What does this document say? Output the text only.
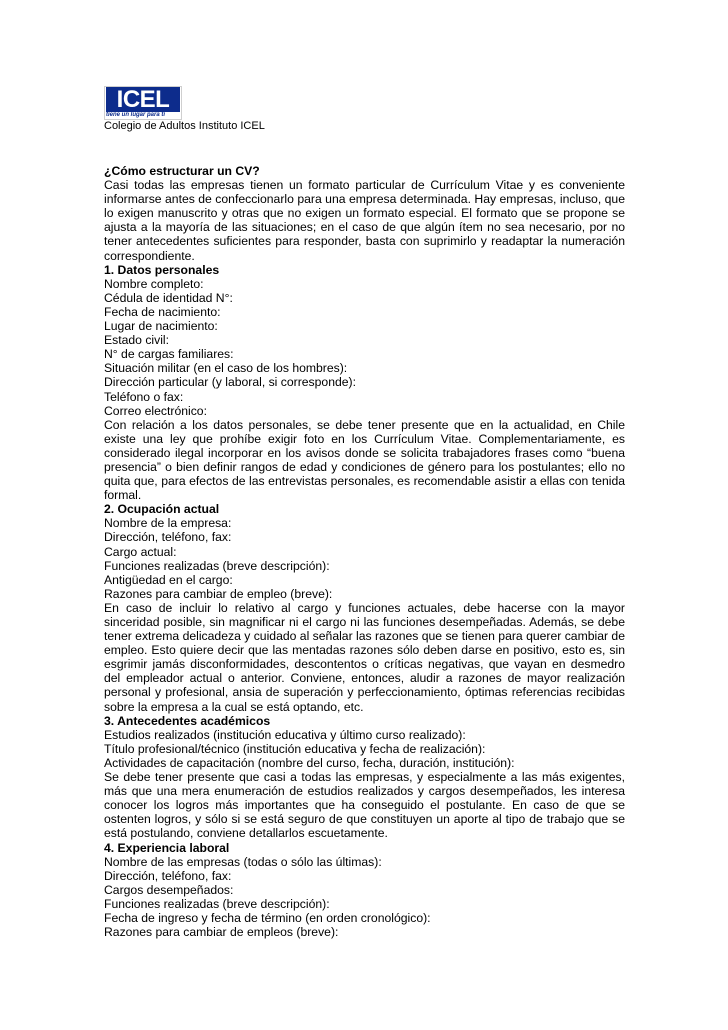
ICEL
tiene un lugar para ti
Colegio de Adultos Instituto ICEL

¿Cómo estructurar un CV?

Casi todas las empresas tienen un formato particular de Currículum Vitae y es conveniente informarse antes de confeccionarlo para una empresa determinada. Hay empresas, incluso, que lo exigen manuscrito y otras que no exigen un formato especial. El formato que se propone se ajusta a la mayoría de las situaciones; en el caso de que algún ítem no sea necesario, por no tener antecedentes suficientes para responder, basta con suprimirlo y readaptar la numeración correspondiente.

1. Datos personales

Nombre completo:

Cédula de identidad N°:

Fecha de nacimiento:

Lugar de nacimiento:

Estado civil:

N° de cargas familiares:

Situación militar (en el caso de los hombres):

Dirección particular (y laboral, si corresponde):

Teléfono o fax:

Correo electrónico:

Con relación a los datos personales, se debe tener presente que en la actualidad, en Chile existe una ley que prohíbe exigir foto en los Currículum Vitae. Complementariamente, es considerado ilegal incorporar en los avisos donde se solicita trabajadores frases como “buena presencia” o bien definir rangos de edad y condiciones de género para los postulantes; ello no quita que, para efectos de las entrevistas personales, es recomendable asistir a ellas con tenida formal.

2. Ocupación actual

Nombre de la empresa:

Dirección, teléfono, fax:

Cargo actual:

Funciones realizadas (breve descripción):

Antigüedad en el cargo:

Razones para cambiar de empleo (breve):

En caso de incluir lo relativo al cargo y funciones actuales, debe hacerse con la mayor sinceridad posible, sin magnificar ni el cargo ni las funciones desempeñadas. Además, se debe tener extrema delicadeza y cuidado al señalar las razones que se tienen para querer cambiar de empleo. Esto quiere decir que las mentadas razones sólo deben darse en positivo, esto es, sin esgrimir jamás disconformidades, descontentos o críticas negativas, que vayan en desmedro del empleador actual o anterior. Conviene, entonces, aludir a razones de mayor realización personal y profesional, ansia de superación y perfeccionamiento, óptimas referencias recibidas sobre la empresa a la cual se está optando, etc.

3. Antecedentes académicos

Estudios realizados (institución educativa y último curso realizado):

Título profesional/técnico (institución educativa y fecha de realización):

Actividades de capacitación (nombre del curso, fecha, duración, institución):

Se debe tener presente que casi a todas las empresas, y especialmente a las más exigentes, más que una mera enumeración de estudios realizados y cargos desempeñados, les interesa conocer los logros más importantes que ha conseguido el postulante. En caso de que se ostenten logros, y sólo si se está seguro de que constituyen un aporte al tipo de trabajo que se está postulando, conviene detallarlos escuetamente.

4. Experiencia laboral

Nombre de las empresas (todas o sólo las últimas):

Dirección, teléfono, fax:

Cargos desempeñados:

Funciones realizadas (breve descripción):

Fecha de ingreso y fecha de término (en orden cronológico):

Razones para cambiar de empleos (breve):
